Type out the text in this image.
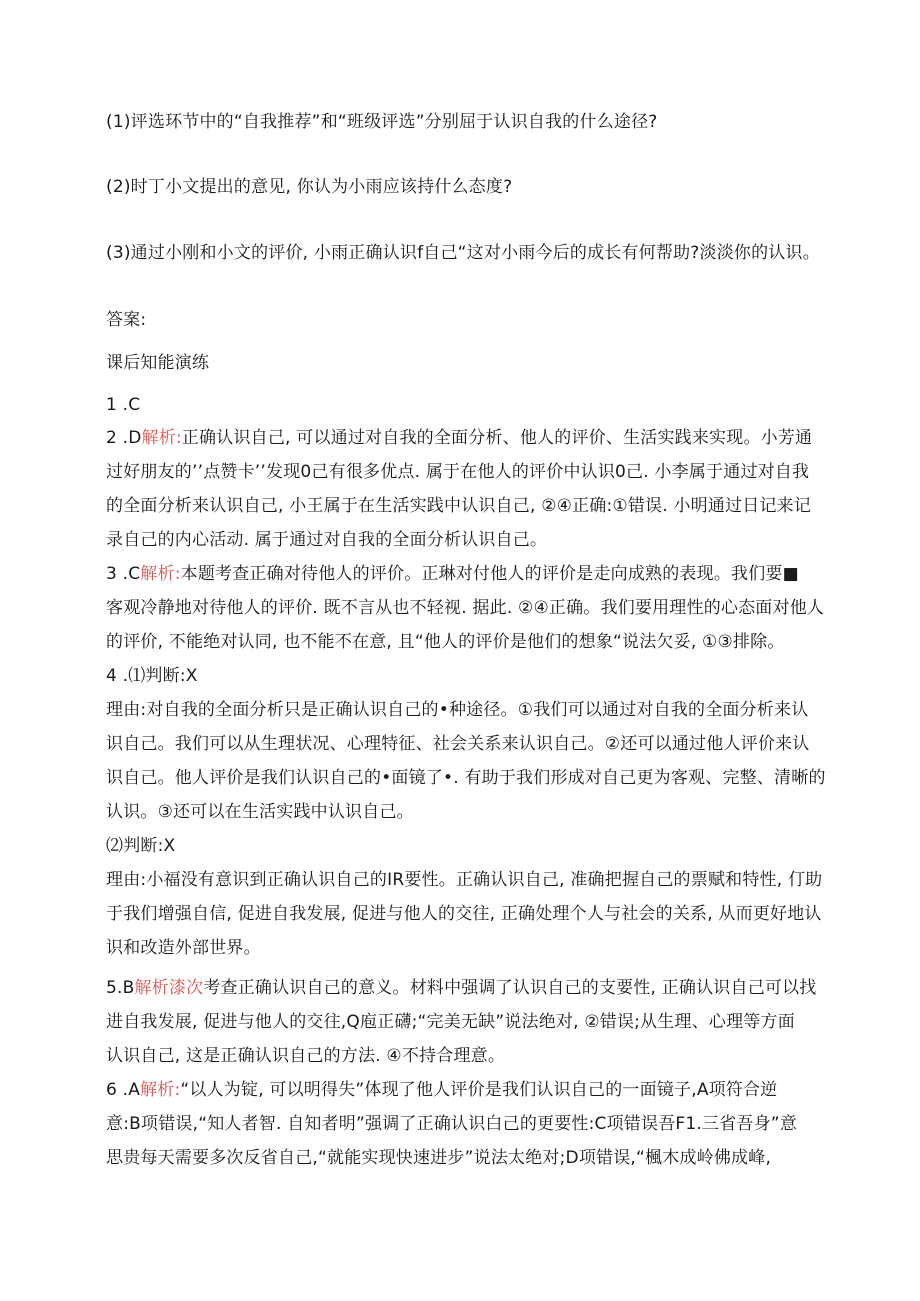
(1)评选环节中的“自我推荐”和“班级评选”分别屈于认识自我的什么途径?
(2)时丁小文提出的意见, 你认为小雨应该持什么态度?
(3)通过小刚和小文的评价, 小雨正确认识f自己“这对小雨今后的成长有何帮助?淡淡你的认识。
答案:
课后知能演练
1 .C
2 .D解析:正确认识自己, 可以通过对自我的全面分析、他人的评价、生活实践来实现。小芳通
过好朋友的’’点赞卡’’发现0己有很多优点. 属于在他人的评价中认识0己. 小李属于通过对自我
的全面分析来认识自己, 小王属于在生活实践中认识自己, ②④正确:①错误. 小明通过日记来记
录自己的内心活动. 属于通过对自我的全面分析认识自己。
3 .C解析:本题考查正确对待他人的评价。正琳对付他人的评价是走向成熟的表现。我们要■
客观冷静地对待他人的评价. 既不言从也不轻视. 据此. ②④正确。我们要用理性的心态面对他人
的评价, 不能绝对认同, 也不能不在意, 且“他人的评价是他们的想象“说法欠妥, ①③排除。
4 .⑴判断:X
理由:对自我的全面分析只是正确认识自己的•种途径。①我们可以通过对自我的全面分析来认
识自己。我们可以从生理状况、心理特征、社会关系来认识自己。②还可以通过他人评价来认
识自己。他人评价是我们认识自己的•面镜了•. 有助于我们形成对自己更为客观、完整、清晰的
认识。③还可以在生活实践中认识自己。
⑵判断:X
理由:小福没有意识到正确认识自己的IR要性。正确认识自己, 准确把握自己的票赋和特性, 仃助
于我们增强自信, 促进自我发展, 促进与他人的交往, 正确处理个人与社会的关系, 从而更好地认
识和改造外部世界。
5.B解析漆次考查正确认识自己的意义。材料中强调了认识自己的支要性, 正确认识自己可以找
进自我发展, 促进与他人的交往,Q庖正礴;“完美无缺”说法绝对, ②错误;从生理、心理等方面
认识自己, 这是正确认识自己的方法. ④不持合理意。
6 .A解析:“以人为锭, 可以明得失”体现了他人评价是我们认识自己的一面镜子,A项符合逆
意:B项错误,“知人者智. 自知者明”强调了正确认识白己的更要性:C项错误吾F1.三省吾身”意
思贵每天需要多次反省自己,“就能实现快速进步”说法太绝对;D项错误,“楓木成岭佛成峰,
